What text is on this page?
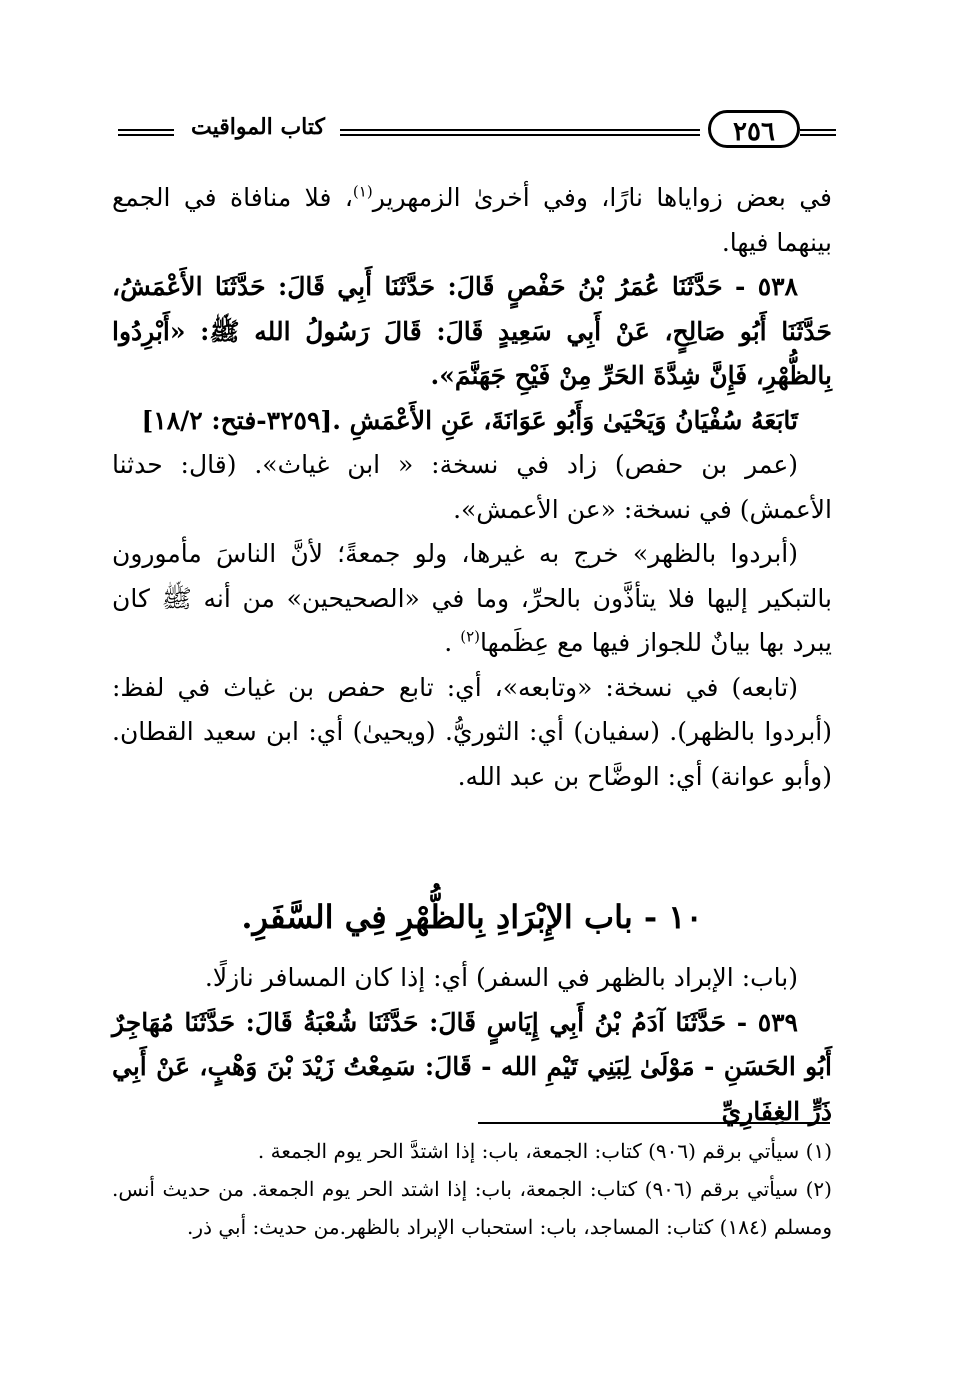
كتاب المواقيت	٢٥٦

في بعض زواياها نارًا، وفي أخرىٰ الزمهرير$^{(١)}$، فلا منافاة في الجمع بينهما فيها.

٥٣٨ - حَدَّثَنَا عُمَرُ بْنُ حَفْصٍ قَالَ: حَدَّثَنَا أَبِي قَالَ: حَدَّثَنَا الأَعْمَشُ، حَدَّثَنَا أَبُو صَالِحٍ، عَنْ أَبِي سَعِيدٍ قَالَ: قَالَ رَسُولُ الله ﷺ: «أَبْرِدُوا بِالظُّهْرِ، فَإِنَّ شِدَّةَ الحَرِّ مِنْ فَيْحِ جَهَنَّمَ».

تَابَعَهُ سُفْيَانُ وَيَحْيَىٰ وَأَبُو عَوَانَةَ، عَنِ الأَعْمَشِ .[٣٢٥٩-فتح: ١٨/٢]

(عمر بن حفص) زاد في نسخة: « ابن غياث». (قال: حدثنا الأعمش) في نسخة: «عن الأعمش».

(أبردوا بالظهر» خرج به غيرها، ولو جمعةً؛ لأنَّ الناسَ مأمورون بالتبكير إليها فلا يتأذَّون بالحرِّ، وما في «الصحيحين» من أنه ﷺ كان يبرد بها بيانٌ للجواز فيها مع عِظَمها$^{(٢)}$ .

(تابعه) في نسخة: «وتابعه»، أي: تابع حفص بن غياث في لفظ: (أبردوا بالظهر). (سفيان) أي: الثوريُّ. (ويحيىٰ) أي: ابن سعيد القطان. (وأبو عوانة) أي: الوضَّاح بن عبد الله.

١٠ - باب الإِبْرَادِ بِالظُّهْرِ فِي السَّفَرِ.

(باب: الإبراد بالظهر في السفر) أي: إذا كان المسافر نازلًا.

٥٣٩ - حَدَّثَنَا آدَمُ بْنُ أَبِي إِيَاسٍ قَالَ: حَدَّثَنَا شُعْبَةُ قَالَ: حَدَّثَنَا مُهَاجِرٌ أَبُو الحَسَنِ - مَوْلَىٰ لِبَنِي تَيْمِ الله - قَالَ: سَمِعْتُ زَيْدَ بْنَ وَهْبٍ، عَنْ أَبِي ذَرٍّ الغِفَارِيِّ

(١) سيأتي برقم (٩٠٦) كتاب: الجمعة، باب: إذا اشتدَّ الحر يوم الجمعة .

(٢) سيأتي برقم (٩٠٦) كتاب: الجمعة، باب: إذا اشتد الحر يوم الجمعة. من حديث أنس. ومسلم (١٨٤) كتاب: المساجد، باب: استحباب الإبراد بالظهر.من حديث: أبي ذر.
